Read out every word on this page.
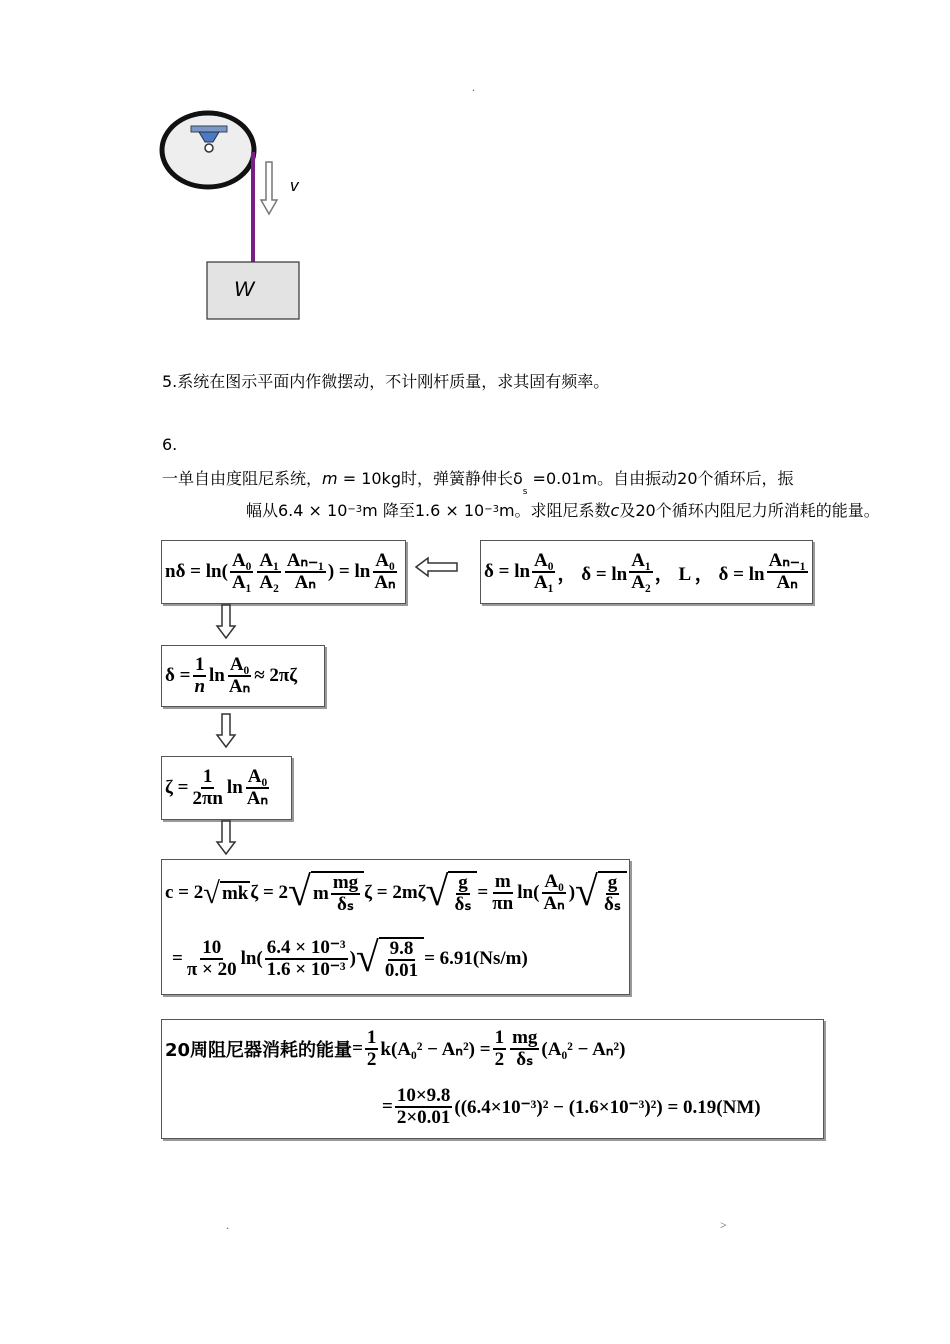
.
v
W
5.系统在图示平面内作微摆动，不计刚杆质量，求其固有频率。
6.
一单自由度阻尼系统，m = 10kg时，弹簧静伸长$\delta_s =0.01m$。自由振动20个循环后，振
幅从$6.4 \times 10^{-3}m$ 降至$1.6 \times 10^{-3}m$。求阻尼系数c及20个循环内阻尼力所消耗的能量。
$n\delta = \ln( \frac{\text{A₀}}{\text{A₁}} \frac{\text{A₁}}{\text{A₂}} \frac{\text{Aₙ₋₁}}{\text{Aₙ}}$ ) = $\ln \frac{\text{A₀}}{\text{Aₙ}}$	$\delta = \ln \frac{\text{A₀}}{\text{A₁}}$ ， $\delta = \ln \frac{\text{A₁}}{\text{A₂}}$ ， L ， $\delta = \ln \frac{\text{Aₙ₋₁}}{\text{Aₙ}}$
$\delta = \frac{1}{n}$ $\ln \frac{\text{A₀}}{\text{Aₙ}} \approx 2\pi\zeta$
$\zeta = \frac{1}{2\pi n}$ $\ln \frac{\text{A₀}}{\text{Aₙ}}$
c = 2 √ mk ζ = 2 √ m $\frac{mg}{\text{δₛ}}$ ζ = 2mζ √ $\frac{g}{\text{δₛ}} = \frac{m}{\pi n} \ln( \frac{\text{A₀}}{\text{Aₙ}}$ ) √ $\frac{g}{\text{δₛ}}$
= $\frac{10}{\pi \times 20} \ln( \frac{\text{6.4 × 10⁻³}}{\text{1.6 × 10⁻³}}$ ) √ $\frac{9.8}{0.01} = 6.91(Ns/m)$
20周阻尼器消耗的能量 = $\frac{1}{2} k(A_0^2 - A_n^2) = \frac{1}{2} \frac{mg}{\text{δₛ}} (A_0^2 - A_n^2)$
= $\frac{10\times 9.8}{2\times 0.01} ((6.4\times 10^{-3})^2 - (1.6\times 10^{-3})^2) = 0.19(NM)$
.	>
